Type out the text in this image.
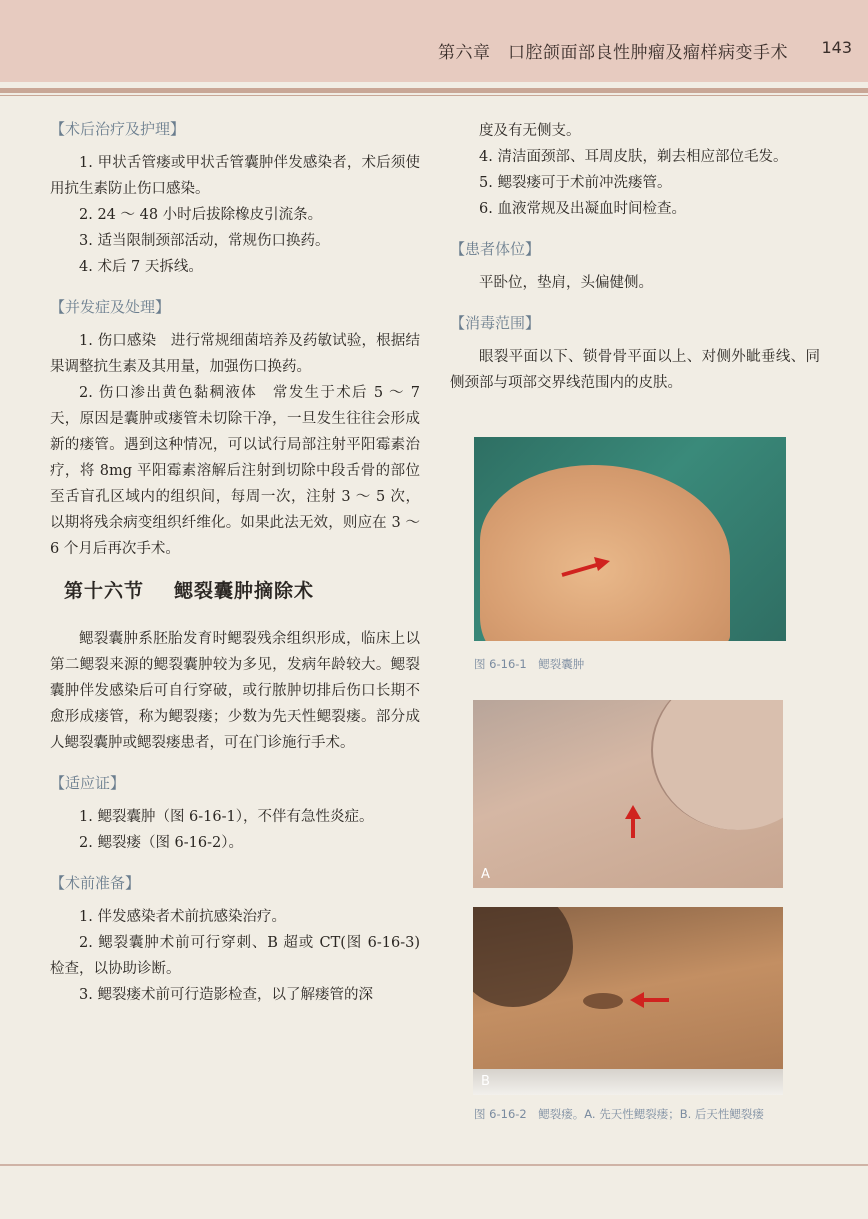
第六章　口腔颌面部良性肿瘤及瘤样病变手术 143

【术后治疗及护理】

1. 甲状舌管瘘或甲状舌管囊肿伴发感染者，术后须使用抗生素防止伤口感染。

2. 24 ～ 48 小时后拔除橡皮引流条。

3. 适当限制颈部活动，常规伤口换药。

4. 术后 7 天拆线。

【并发症及处理】

1. 伤口感染　进行常规细菌培养及药敏试验，根据结果调整抗生素及其用量，加强伤口换药。

2. 伤口渗出黄色黏稠液体　常发生于术后 5 ～ 7 天，原因是囊肿或瘘管未切除干净，一旦发生往往会形成新的瘘管。遇到这种情况，可以试行局部注射平阳霉素治疗，将 8mg 平阳霉素溶解后注射到切除中段舌骨的部位至舌盲孔区域内的组织间，每周一次，注射 3 ～ 5 次，以期将残余病变组织纤维化。如果此法无效，则应在 3 ～ 6 个月后再次手术。

第十六节 鳃裂囊肿摘除术

鳃裂囊肿系胚胎发育时鳃裂残余组织形成，临床上以第二鳃裂来源的鳃裂囊肿较为多见，发病年龄较大。鳃裂囊肿伴发感染后可自行穿破，或行脓肿切排后伤口长期不愈形成瘘管，称为鳃裂瘘；少数为先天性鳃裂瘘。部分成人鳃裂囊肿或鳃裂瘘患者，可在门诊施行手术。

【适应证】

1. 鳃裂囊肿（图 6-16-1），不伴有急性炎症。

2. 鳃裂瘘（图 6-16-2）。

【术前准备】

1. 伴发感染者术前抗感染治疗。

2. 鳃裂囊肿术前可行穿刺、B 超或 CT(图 6-16-3) 检查，以协助诊断。

3. 鳃裂瘘术前可行造影检查，以了解瘘管的深

度及有无侧支。

4. 清洁面颈部、耳周皮肤，剃去相应部位毛发。

5. 鳃裂瘘可于术前冲洗瘘管。

6. 血液常规及出凝血时间检查。

【患者体位】

平卧位，垫肩，头偏健侧。

【消毒范围】

眼裂平面以下、锁骨骨平面以上、对侧外眦垂线、同侧颈部与项部交界线范围内的皮肤。

图 6-16-1　鳃裂囊肿
A
B
图 6-16-2　鳃裂瘘。A. 先天性鳃裂瘘；B. 后天性鳃裂瘘
